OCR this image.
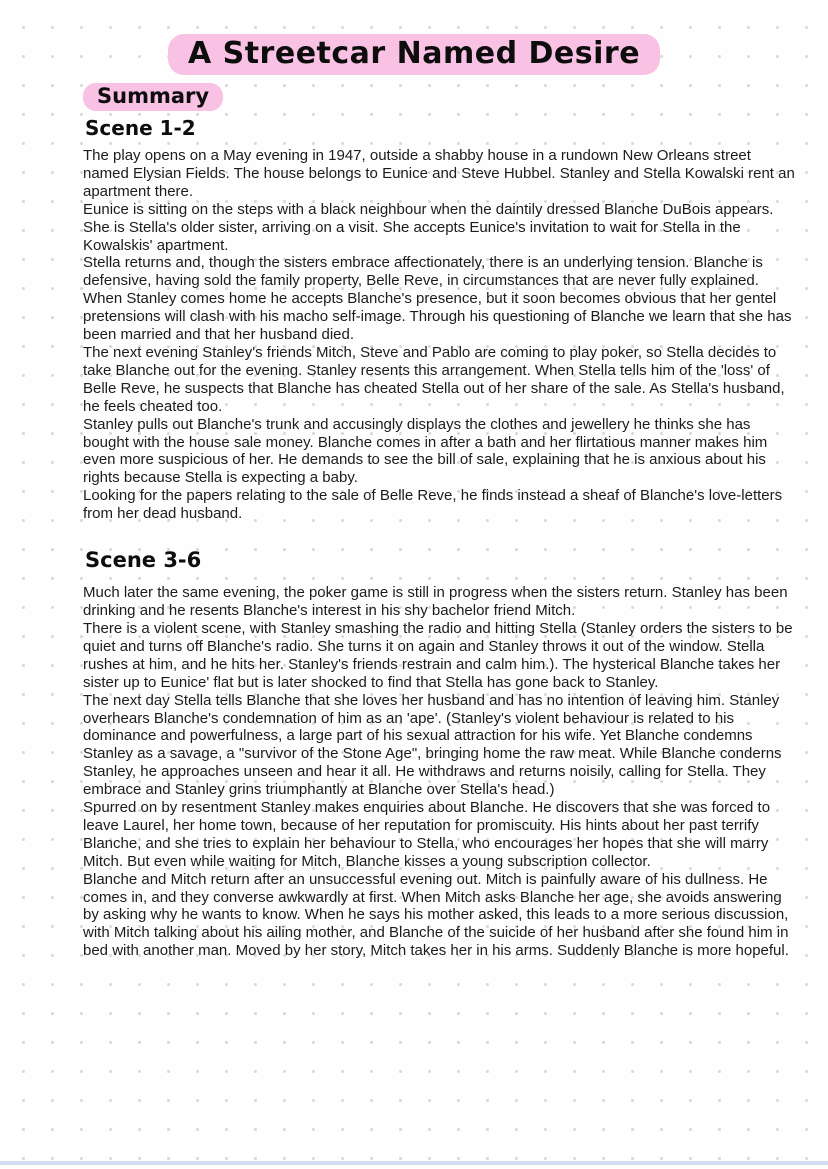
A Streetcar Named Desire
Summary
Scene 1-2

The play opens on a May evening in 1947, outside a shabby house in a rundown New Orleans street named Elysian Fields. The house belongs to Eunice and Steve Hubbel. Stanley and Stella Kowalski rent an apartment there.

Eunice is sitting on the steps with a black neighbour when the daintily dressed Blanche DuBois appears. She is Stella's older sister, arriving on a visit. She accepts Eunice's invitation to wait for Stella in the Kowalskis' apartment.

Stella returns and, though the sisters embrace affectionately, there is an underlying tension. Blanche is defensive, having sold the family property, Belle Reve, in circumstances that are never fully explained.

When Stanley comes home he accepts Blanche's presence, but it soon becomes obvious that her gentel pretensions will clash with his macho self-image. Through his questioning of Blanche we learn that she has been married and that her husband died.

The next evening Stanley's friends Mitch, Steve and Pablo are coming to play poker, so Stella decides to take Blanche out for the evening. Stanley resents this arrangement. When Stella tells him of the 'loss' of Belle Reve, he suspects that Blanche has cheated Stella out of her share of the sale. As Stella's husband, he feels cheated too.

Stanley pulls out Blanche's trunk and accusingly displays the clothes and jewellery he thinks she has bought with the house sale money. Blanche comes in after a bath and her flirtatious manner makes him even more suspicious of her. He demands to see the bill of sale, explaining that he is anxious about his rights because Stella is expecting a baby.

Looking for the papers relating to the sale of Belle Reve, he finds instead a sheaf of Blanche's love-letters from her dead husband.

Scene 3-6

Much later the same evening, the poker game is still in progress when the sisters return. Stanley has been drinking and he resents Blanche's interest in his shy bachelor friend Mitch.

There is a violent scene, with Stanley smashing the radio and hitting Stella (Stanley orders the sisters to be quiet and turns off Blanche's radio. She turns it on again and Stanley throws it out of the window. Stella rushes at him, and he hits her. Stanley's friends restrain and calm him.). The hysterical Blanche takes her sister up to Eunice' flat but is later shocked to find that Stella has gone back to Stanley.

The next day Stella tells Blanche that she loves her husband and has no intention of leaving him. Stanley overhears Blanche's condemnation of him as an 'ape'. (Stanley's violent behaviour is related to his dominance and powerfulness, a large part of his sexual attraction for his wife. Yet Blanche condemns Stanley as a savage, a "survivor of the Stone Age", bringing home the raw meat. While Blanche conderns Stanley, he approaches unseen and hear it all. He withdraws and returns noisily, calling for Stella. They embrace and Stanley grins triumphantly at Blanche over Stella's head.)

Spurred on by resentment Stanley makes enquiries about Blanche. He discovers that she was forced to leave Laurel, her home town, because of her reputation for promiscuity. His hints about her past terrify Blanche, and she tries to explain her behaviour to Stella, who encourages her hopes that she will marry Mitch. But even while waiting for Mitch, Blanche kisses a young subscription collector.

Blanche and Mitch return after an unsuccessful evening out. Mitch is painfully aware of his dullness. He comes in, and they converse awkwardly at first. When Mitch asks Blanche her age, she avoids answering by asking why he wants to know. When he says his mother asked, this leads to a more serious discussion, with Mitch talking about his ailing mother, and Blanche of the suicide of her husband after she found him in bed with another man. Moved by her story, Mitch takes her in his arms. Suddenly Blanche is more hopeful.
